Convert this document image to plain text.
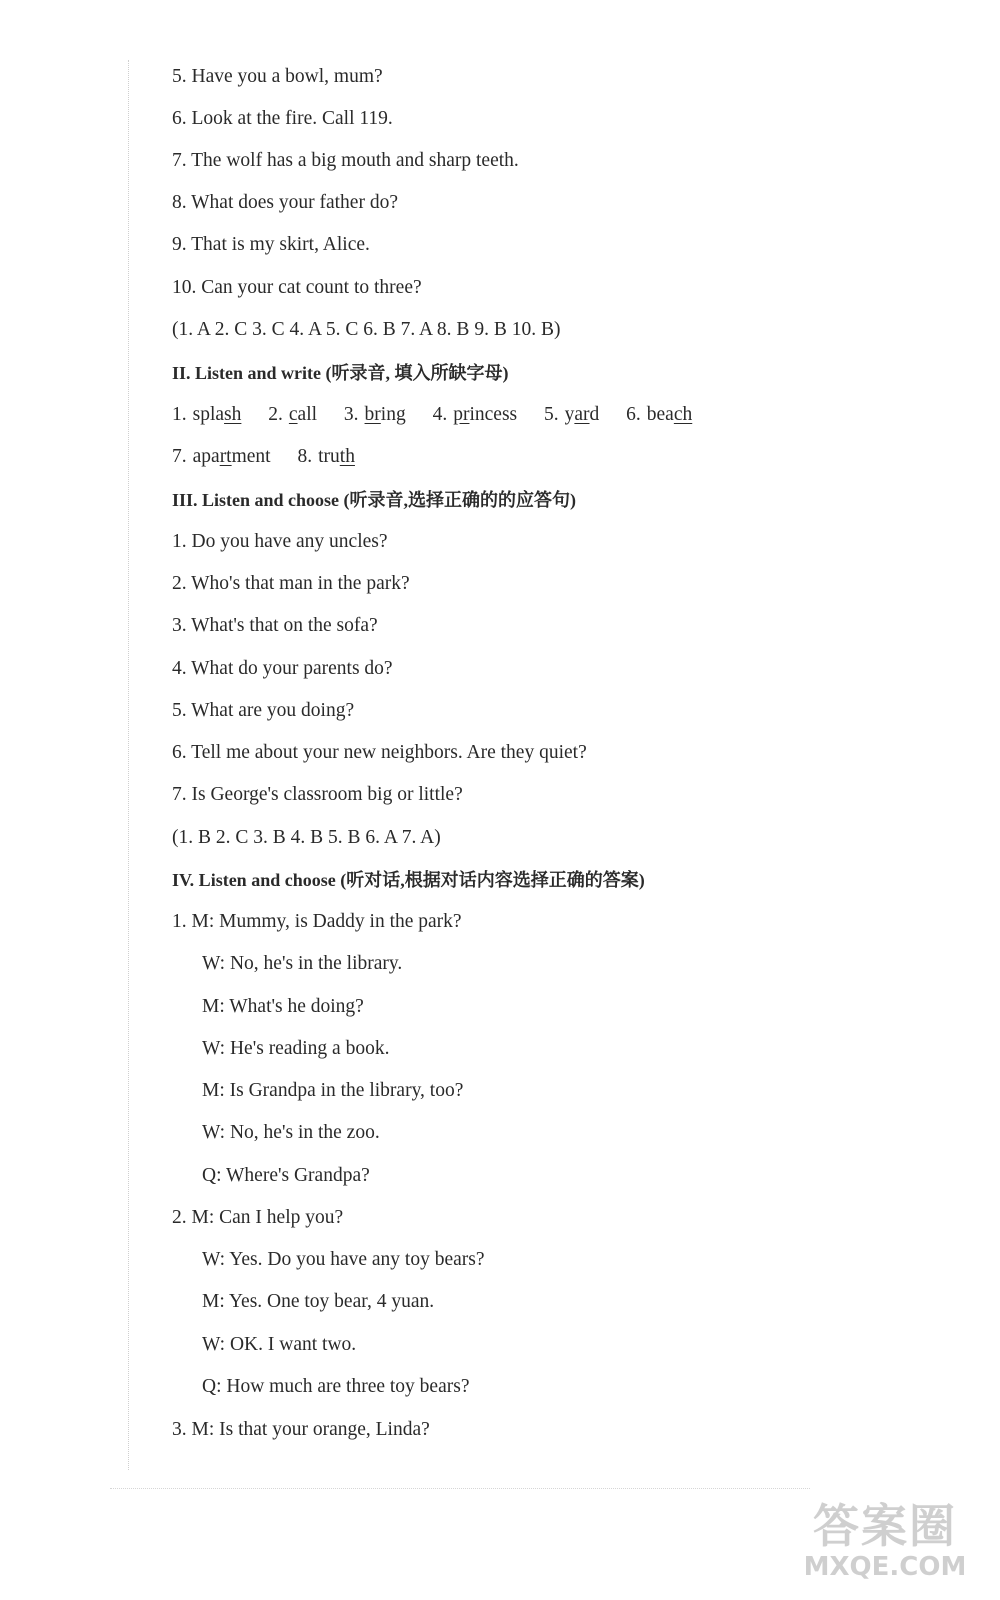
5. Have you a bowl, mum?
6. Look at the fire. Call 119.
7. The wolf has a big mouth and sharp teeth.
8. What does your father do?
9. That is my skirt, Alice.
10. Can your cat count to three?
(1. A 2. C 3. C 4. A 5. C 6. B 7. A 8. B 9. B 10. B)
II. Listen and write (听录音, 填入所缺字母)
1. splash 2. call 3. bring 4. princess 5. yard 6. beach
7. apartment 8. truth
III. Listen and choose (听录音,选择正确的的应答句)
1. Do you have any uncles?
2. Who's that man in the park?
3. What's that on the sofa?
4. What do your parents do?
5. What are you doing?
6. Tell me about your new neighbors. Are they quiet?
7. Is George's classroom big or little?
(1. B 2. C 3. B 4. B 5. B 6. A 7. A)
IV. Listen and choose (听对话,根据对话内容选择正确的答案)
1. M: Mummy, is Daddy in the park?
W: No, he's in the library.
M: What's he doing?
W: He's reading a book.
M: Is Grandpa in the library, too?
W: No, he's in the zoo.
Q: Where's Grandpa?
2. M: Can I help you?
W: Yes. Do you have any toy bears?
M: Yes. One toy bear, 4 yuan.
W: OK. I want two.
Q: How much are three toy bears?
3. M: Is that your orange, Linda?
答案圈
MXQE.COM
